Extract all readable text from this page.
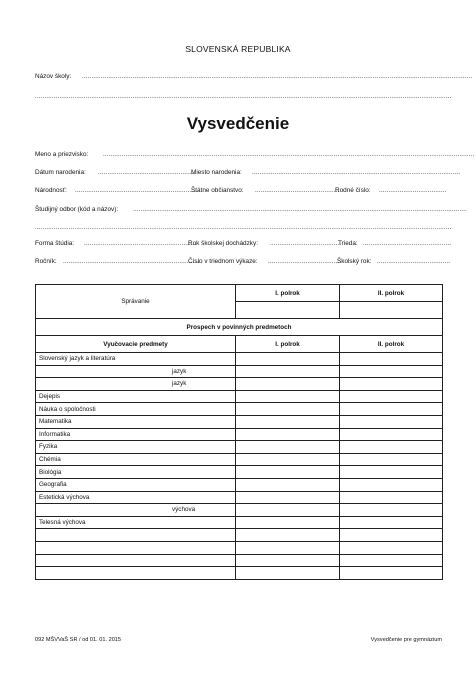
SLOVENSKÁ REPUBLIKA
Názov školy: ................................................................................................................................................................................................................
..............................................................................................................................................................................................................................
Vysvedčenie
Meno a priezvisko: ......................................................................................................................................................................................................
Dátum narodenia: ....................................................
Miesto narodenia: ...............................................................................................................
Národnosť: ..................................................................
Štátne občianstvo: .............................................
Rodné číslo: ....................................
Študijný odbor (kód a názov): ..................................................................................................................................................................................
..............................................................................................................................................................................................................................
Forma štúdia: ............................................................
Rok školskej dochádzky: ......................................
Trieda: ...............................................
Ročník: .........................................................................
Číslo v triednom výkaze: .......................................
Školský rok: .......................................
Správanie	I. polrok	II. polrok

Prospech v povinných predmetoch		
Vyučovacie predmety	I. polrok	II. polrok
Slovenský jazyk a literatúra		
jazyk		
jazyk		
Dejepis		
Náuka o spoločnosti		
Matematika		
Informatika		
Fyzika		
Chémia		
Biológia		
Geografia		
Estetická výchova		
výchova		
Telesná výchova		

092 MŠVVaŠ SR / od 01. 01. 2015	Vysvedčenie pre gymnázium
